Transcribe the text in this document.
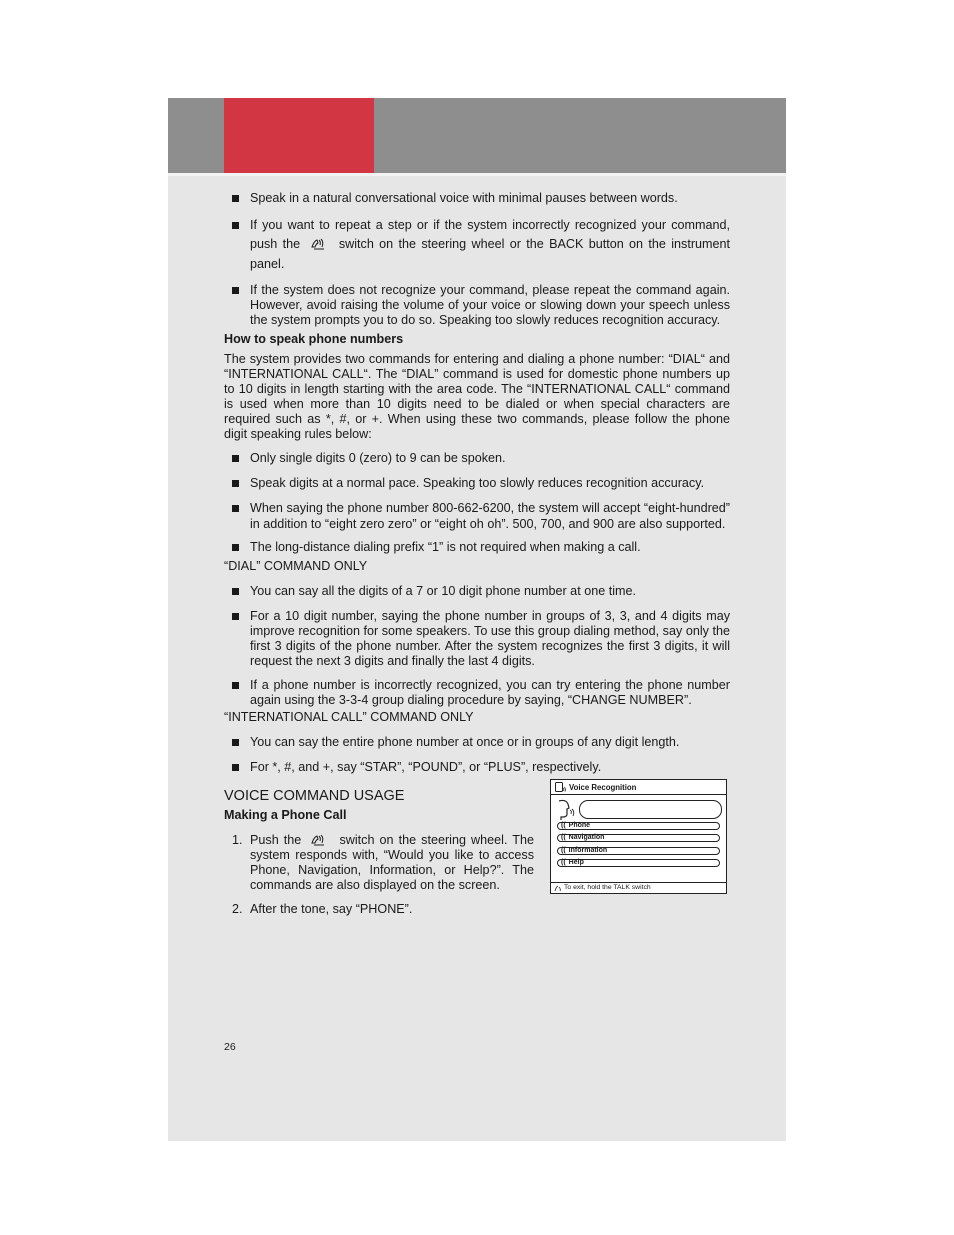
Speak in a natural conversational voice with minimal pauses between words.
If you want to repeat a step or if the system incorrectly recognized your command, push the	switch on the steering wheel or the BACK button on the instrument panel.
If the system does not recognize your command, please repeat the command again. However, avoid raising the volume of your voice or slowing down your speech unless the system prompts you to do so. Speaking too slowly reduces recognition accuracy.
How to speak phone numbers
The system provides two commands for entering and dialing a phone number: “DIAL“ and “INTERNATIONAL CALL“. The “DIAL” command is used for domestic phone numbers up to 10 digits in length starting with the area code. The “INTERNATIONAL CALL“ command is used when more than 10 digits need to be dialed or when special characters are required such as *, #, or +. When using these two commands, please follow the phone digit speaking rules below:
Only single digits 0 (zero) to 9 can be spoken.
Speak digits at a normal pace. Speaking too slowly reduces recognition accuracy.
When saying the phone number 800-662-6200, the system will accept “eight-hundred” in addition to “eight zero zero” or “eight oh oh”. 500, 700, and 900 are also supported.
The long-distance dialing prefix “1” is not required when making a call.
“DIAL” COMMAND ONLY
You can say all the digits of a 7 or 10 digit phone number at one time.
For a 10 digit number, saying the phone number in groups of 3, 3, and 4 digits may improve recognition for some speakers. To use this group dialing method, say only the first 3 digits of the phone number. After the system recognizes the first 3 digits, it will request the next 3 digits and finally the last 4 digits.
If a phone number is incorrectly recognized, you can try entering the phone number again using the 3-3-4 group dialing procedure by saying, “CHANGE NUMBER”.
“INTERNATIONAL CALL” COMMAND ONLY
You can say the entire phone number at once or in groups of any digit length.
For *, #, and +, say “STAR”, “POUND”, or “PLUS”, respectively.
VOICE COMMAND USAGE
Making a Phone Call
1. Push the	switch on the steering wheel. The system responds with, “Would you like to access Phone, Navigation, Information, or Help?”. The commands are also displayed on the screen.
2. After the tone, say “PHONE”.
Voice Recognition
(( Phone
(( Navigation
(( Information
(( Help
To exit, hold the TALK switch
26
